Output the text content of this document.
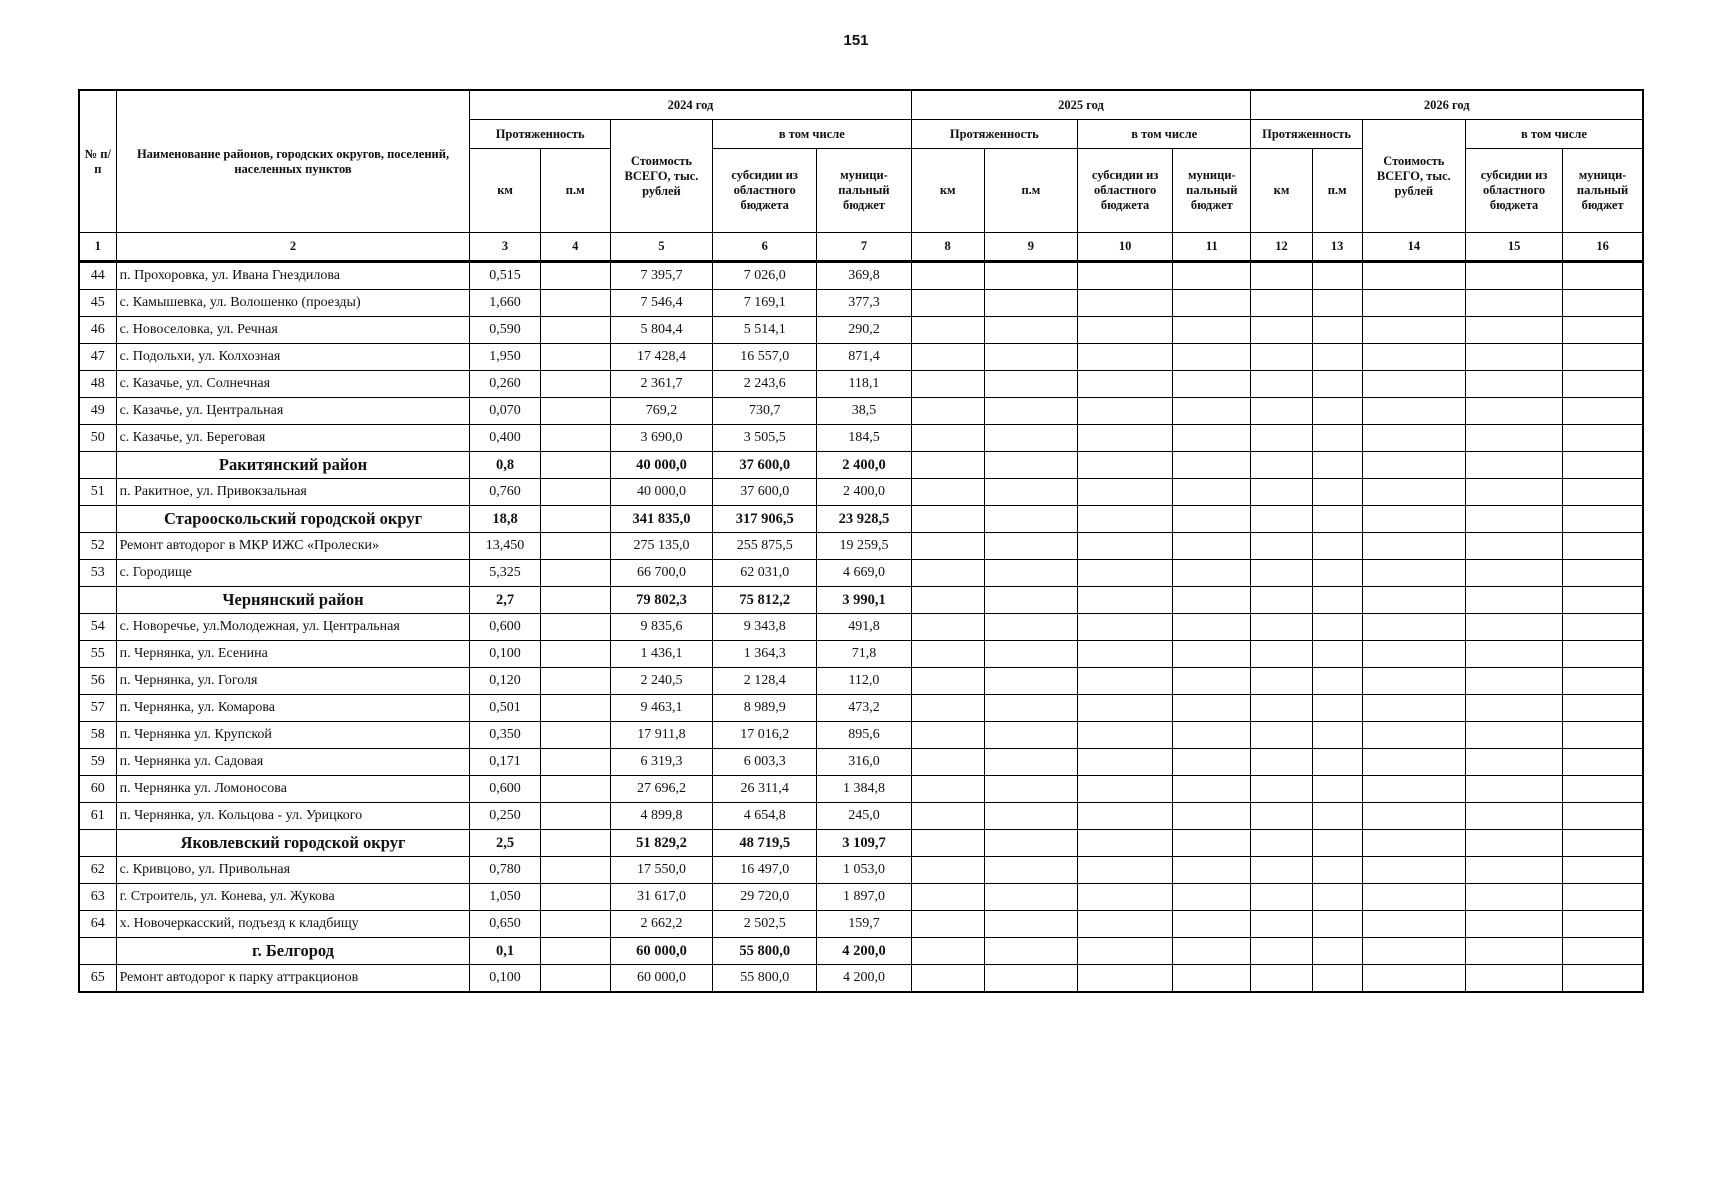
151
№ п/п	Наименование районов, городских округов, поселений, населенных пунктов	2024 год					2025 год				2026 год				
		Протяженность		Стоимость ВСЕГО, тыс. рублей	в том числе		Протяженность		в том числе		Протяженность		Стоимость ВСЕГО, тыс. рублей	в том числе	
		км	п.м		субсидии из областного бюджета	муници-пальный бюджет	км	п.м	субсидии из областного бюджета	муници-пальный бюджет	км	п.м		субсидии из областного бюджета	муници-пальный бюджет
1	2	3	4	5	6	7	8	9	10	11	12	13	14	15	16
44	п. Прохоровка, ул. Ивана Гнездилова	0,515		7 395,7	7 026,0	369,8									
45	с. Камышевка, ул. Волошенко (проезды)	1,660		7 546,4	7 169,1	377,3									
46	с. Новоселовка, ул. Речная	0,590		5 804,4	5 514,1	290,2									
47	с. Подольхи, ул. Колхозная	1,950		17 428,4	16 557,0	871,4									
48	с. Казачье, ул. Солнечная	0,260		2 361,7	2 243,6	118,1									
49	с. Казачье, ул. Центральная	0,070		769,2	730,7	38,5									
50	с. Казачье, ул. Береговая	0,400		3 690,0	3 505,5	184,5									
	Ракитянский район	0,8		40 000,0	37 600,0	2 400,0									
51	п. Ракитное, ул. Привокзальная	0,760		40 000,0	37 600,0	2 400,0									
	Старооскольский городской округ	18,8		341 835,0	317 906,5	23 928,5									
52	Ремонт автодорог в МКР ИЖС «Пролески»	13,450		275 135,0	255 875,5	19 259,5									
53	с. Городище	5,325		66 700,0	62 031,0	4 669,0									
	Чернянский район	2,7		79 802,3	75 812,2	3 990,1									
54	с. Новоречье, ул.Молодежная, ул. Центральная	0,600		9 835,6	9 343,8	491,8									
55	п. Чернянка, ул. Есенина	0,100		1 436,1	1 364,3	71,8									
56	п. Чернянка, ул. Гоголя	0,120		2 240,5	2 128,4	112,0									
57	п. Чернянка, ул. Комарова	0,501		9 463,1	8 989,9	473,2									
58	п. Чернянка ул. Крупской	0,350		17 911,8	17 016,2	895,6									
59	п. Чернянка ул. Садовая	0,171		6 319,3	6 003,3	316,0									
60	п. Чернянка ул. Ломоносова	0,600		27 696,2	26 311,4	1 384,8									
61	п. Чернянка, ул. Кольцова - ул. Урицкого	0,250		4 899,8	4 654,8	245,0									
	Яковлевский городской округ	2,5		51 829,2	48 719,5	3 109,7									
62	с. Кривцово, ул. Привольная	0,780		17 550,0	16 497,0	1 053,0									
63	г. Строитель, ул. Конева, ул. Жукова	1,050		31 617,0	29 720,0	1 897,0									
64	х. Новочеркасский, подъезд к кладбищу	0,650		2 662,2	2 502,5	159,7									
	г. Белгород	0,1		60 000,0	55 800,0	4 200,0									
65	Ремонт автодорог к парку аттракционов	0,100		60 000,0	55 800,0	4 200,0									
